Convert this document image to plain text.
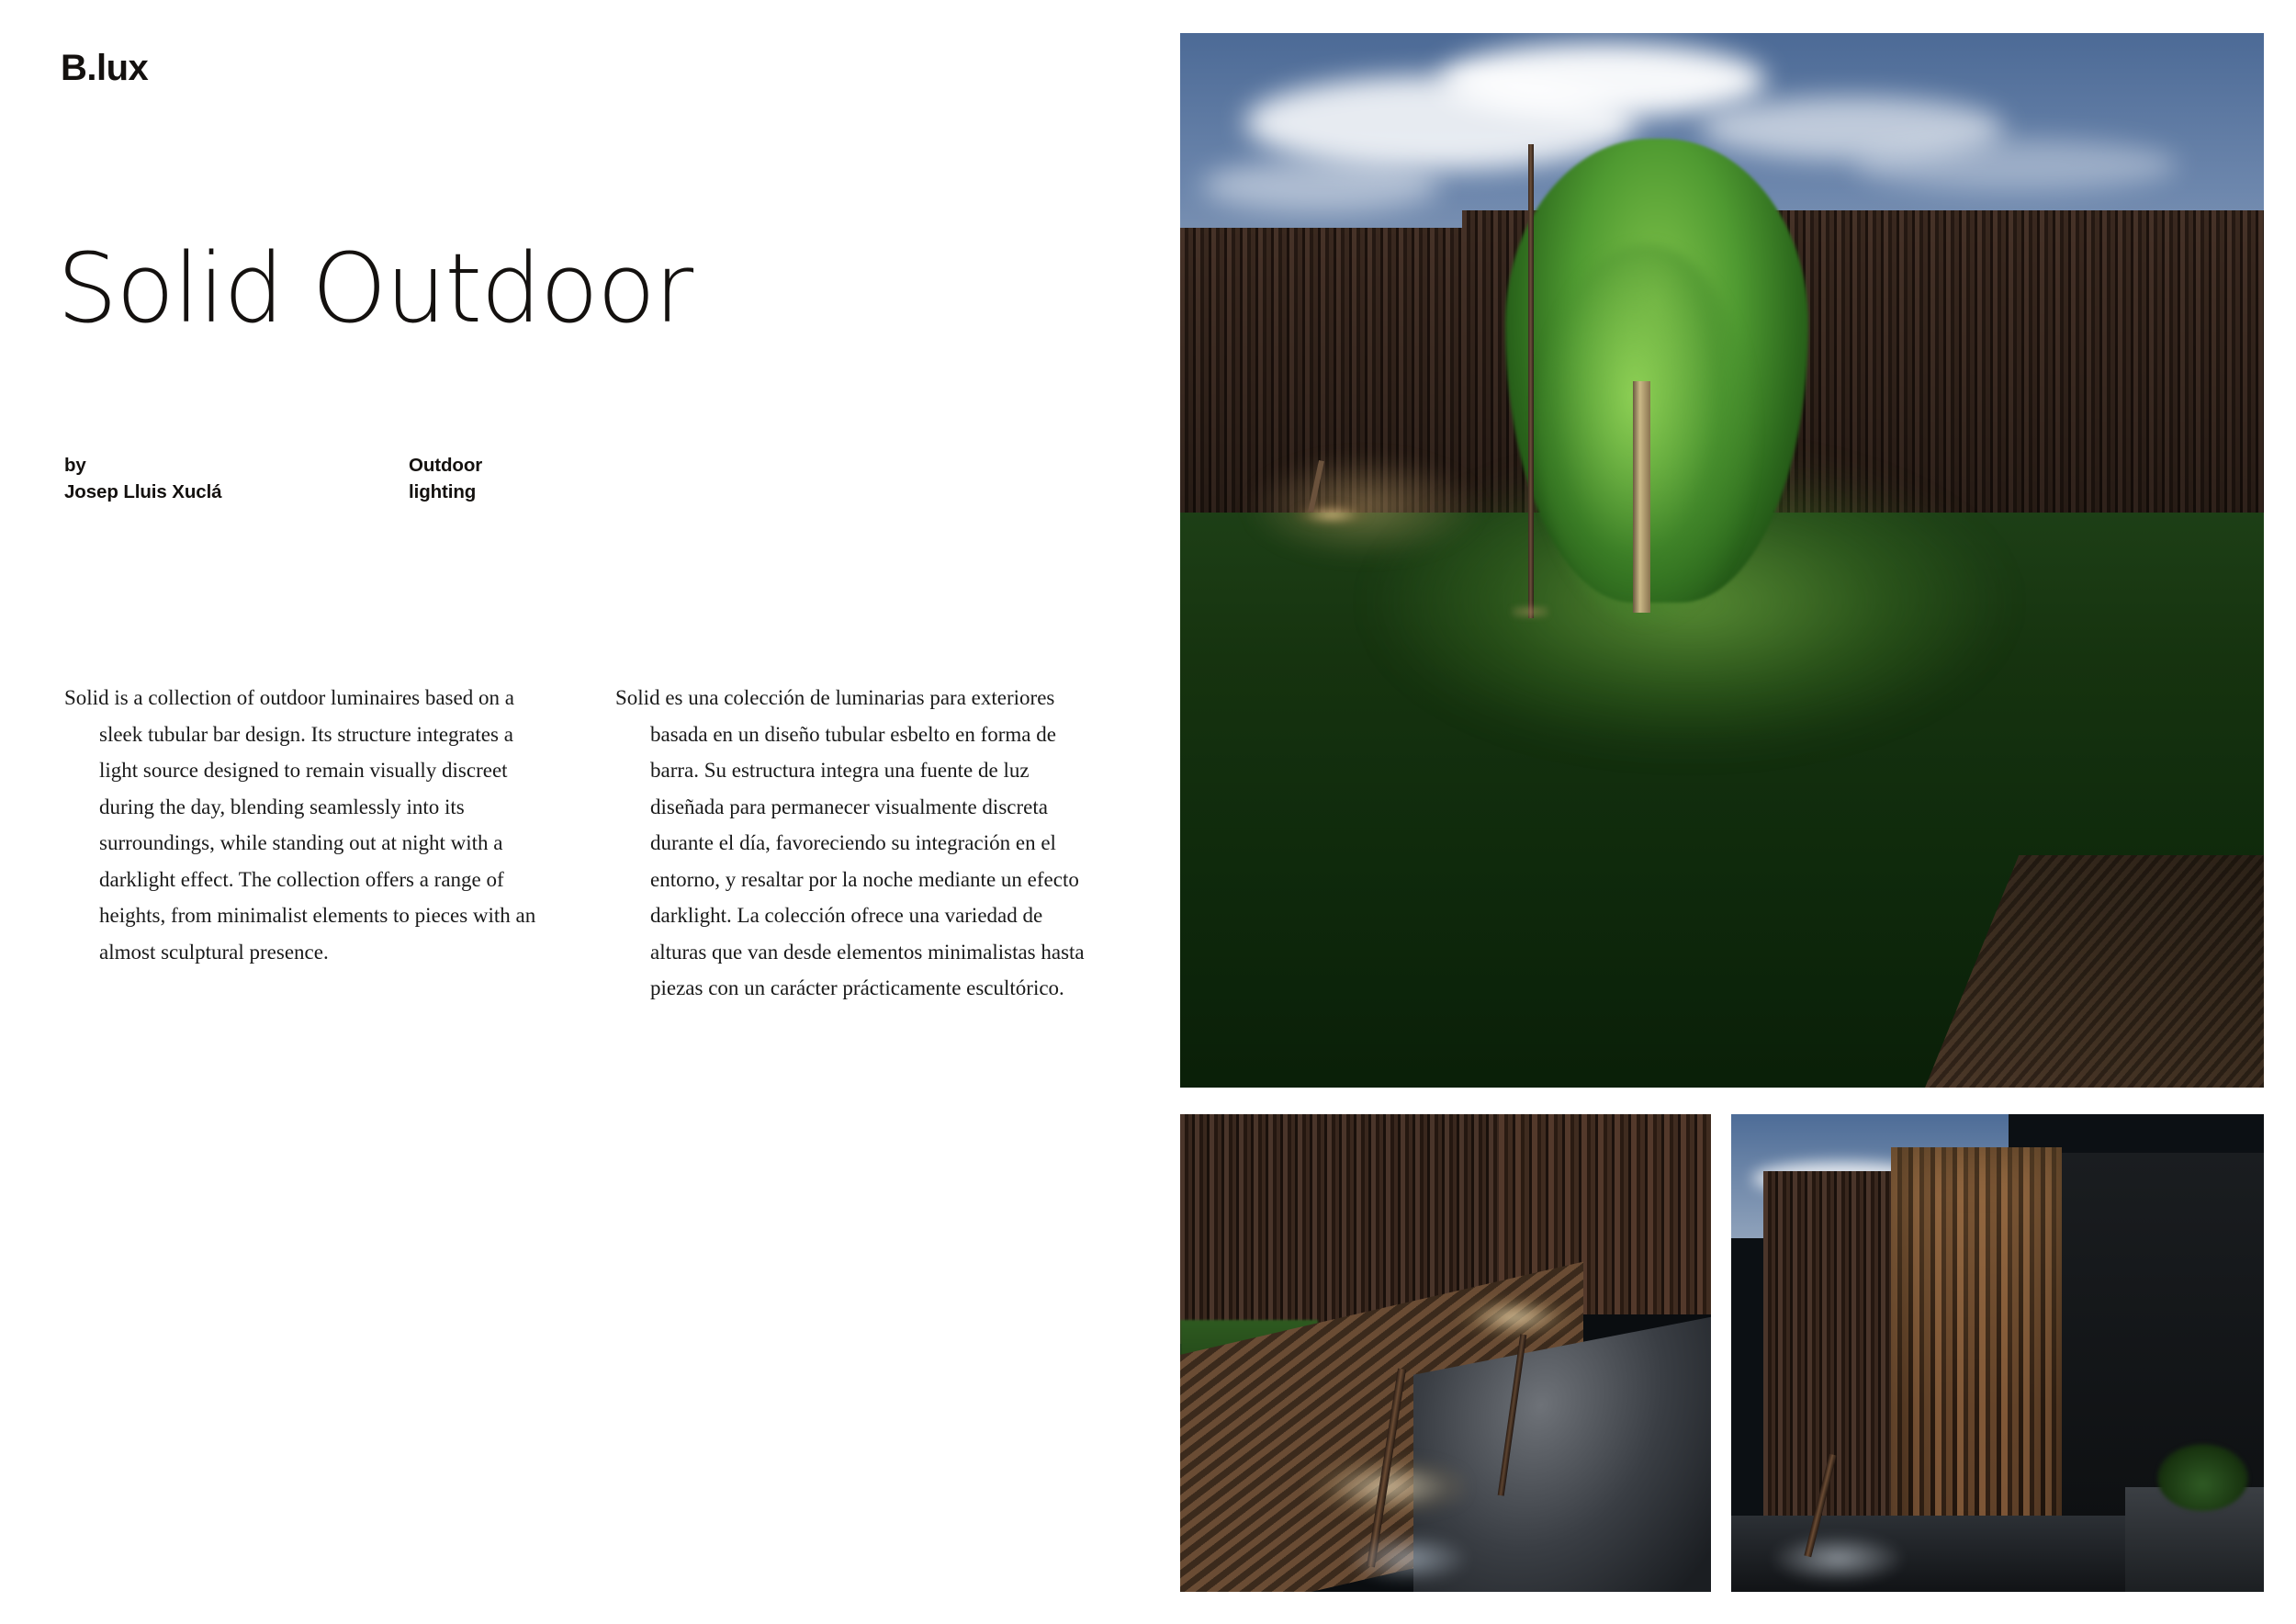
B.lux
Solid Outdoor
by
Josep Lluis Xuclá
Outdoor
lighting

Solid is a collection of outdoor luminaires based on a sleek tubular bar design. Its structure integrates a light source designed to remain visually discreet during the day, blending seamlessly into its surroundings, while standing out at night with a darklight effect. The collection offers a range of heights, from minimalist elements to pieces with an almost sculptural presence.

Solid es una colección de luminarias para exteriores basada en un diseño tubular esbelto en forma de barra. Su estructura integra una fuente de luz diseñada para permanecer visualmente discreta durante el día, favoreciendo su integración en el entorno, y resaltar por la noche mediante un efecto darklight. La colección ofrece una variedad de alturas que van desde elementos minimalistas hasta piezas con un carácter prácticamente escultórico.
